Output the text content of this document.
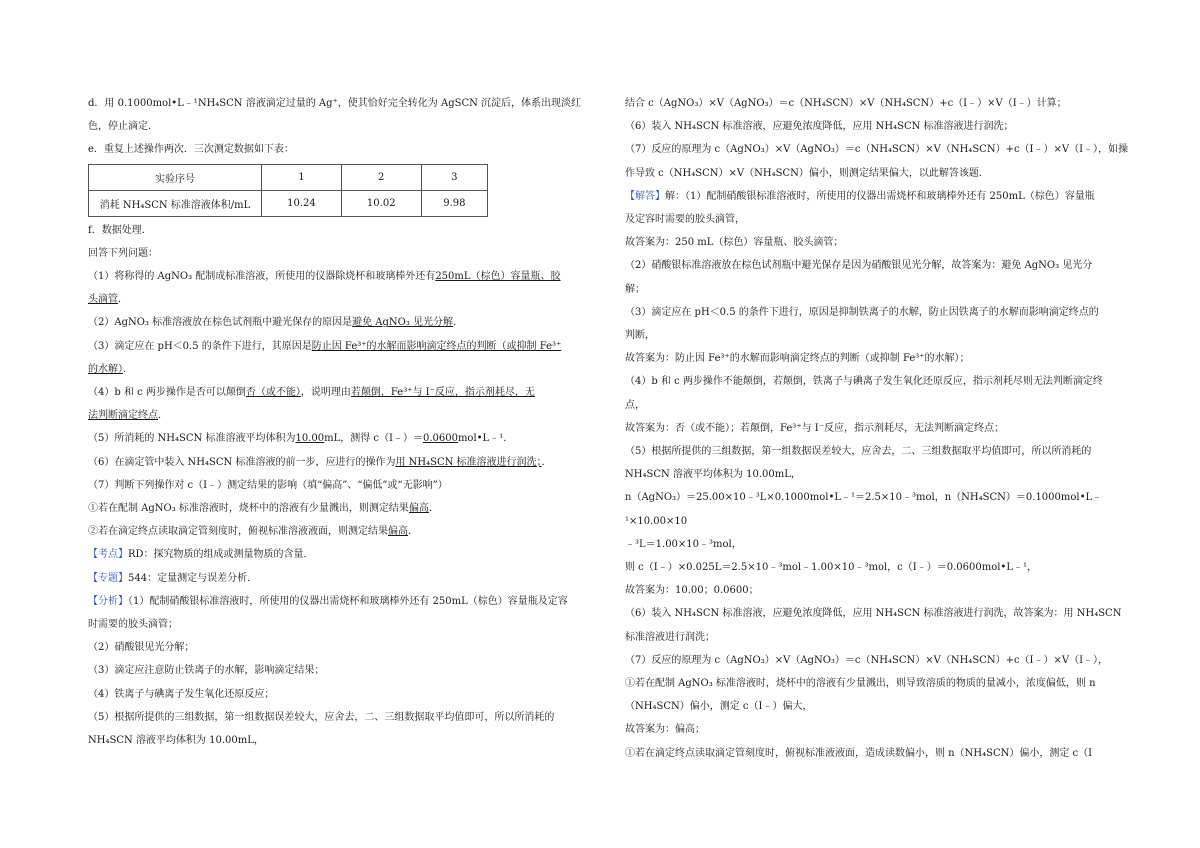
d．用 0.1000mol•L﹣¹NH₄SCN 溶液滴定过量的 Ag⁺，使其恰好完全转化为 AgSCN 沉淀后，体系出现淡红

色，停止滴定．

e．重复上述操作两次．三次测定数据如下表：

实验序号	1	2	3
消耗 NH₄SCN 标准溶液体积/mL	10.24	10.02	9.98

f．数据处理．

回答下列问题：

（1）将称得的 AgNO₃ 配制成标准溶液，所使用的仪器除烧杯和玻璃棒外还有250mL（棕色）容量瓶、胶

头滴管．

（2）AgNO₃ 标准溶液放在棕色试剂瓶中避光保存的原因是避免 AgNO₃ 见光分解．

（3）滴定应在 pH＜0.5 的条件下进行，其原因是防止因 Fe³⁺的水解而影响滴定终点的判断（或抑制 Fe³⁺

的水解）．

（4）b 和 c 两步操作是否可以颠倒否（或不能），说明理由若颠倒，Fe³⁺与 I⁻反应，指示剂耗尽，无

法判断滴定终点．

（5）所消耗的 NH₄SCN 标准溶液平均体积为10.00mL，测得 c（I﹣）＝0.0600mol•L﹣¹．

（6）在滴定管中装入 NH₄SCN 标准溶液的前一步，应进行的操作为用 NH₄SCN 标准溶液进行润洗；．

（7）判断下列操作对 c（I﹣）测定结果的影响（填“偏高”、“偏低”或“无影响”）

①若在配制 AgNO₃ 标准溶液时，烧杯中的溶液有少量溅出，则测定结果偏高．

②若在滴定终点读取滴定管刻度时，俯视标准溶液液面，则测定结果偏高．

【考点】RD：探究物质的组成或测量物质的含量．

【专题】544：定量测定与误差分析．

【分析】（1）配制硝酸银标准溶液时，所使用的仪器出需烧杯和玻璃棒外还有 250mL（棕色）容量瓶及定容

时需要的胶头滴管；

（2）硝酸银见光分解；

（3）滴定应注意防止铁离子的水解，影响滴定结果；

（4）铁离子与碘离子发生氧化还原反应；

（5）根据所提供的三组数据，第一组数据误差较大，应舍去，二、三组数据取平均值即可，所以所消耗的

NH₄SCN 溶液平均体积为 10.00mL，

结合 c（AgNO₃）×V（AgNO₃）＝c（NH₄SCN）×V（NH₄SCN）+c（I﹣）×V（I﹣）计算；

（6）装入 NH₄SCN 标准溶液，应避免浓度降低，应用 NH₄SCN 标准溶液进行润洗；

（7）反应的原理为 c（AgNO₃）×V（AgNO₃）＝c（NH₄SCN）×V（NH₄SCN）+c（I﹣）×V（I﹣），如操

作导致 c（NH₄SCN）×V（NH₄SCN）偏小，则测定结果偏大，以此解答该题．

【解答】解：（1）配制硝酸银标准溶液时，所使用的仪器出需烧杯和玻璃棒外还有 250mL（棕色）容量瓶

及定容时需要的胶头滴管，

故答案为：250 mL（棕色）容量瓶、胶头滴管；

（2）硝酸银标准溶液放在棕色试剂瓶中避光保存是因为硝酸银见光分解，故答案为：避免 AgNO₃ 见光分

解；

（3）滴定应在 pH＜0.5 的条件下进行，原因是抑制铁离子的水解，防止因铁离子的水解而影响滴定终点的

判断，

故答案为：防止因 Fe³⁺的水解而影响滴定终点的判断（或抑制 Fe³⁺的水解）；

（4）b 和 c 两步操作不能颠倒，若颠倒，铁离子与碘离子发生氧化还原反应，指示剂耗尽则无法判断滴定终

点，

故答案为：否（或不能）；若颠倒，Fe³⁺与 I⁻反应，指示剂耗尽，无法判断滴定终点；

（5）根据所提供的三组数据，第一组数据误差较大，应舍去，二、三组数据取平均值即可，所以所消耗的

NH₄SCN 溶液平均体积为 10.00mL，

n（AgNO₃）＝25.00×10﹣³L×0.1000mol•L﹣¹＝2.5×10﹣³mol，n（NH₄SCN）＝0.1000mol•L﹣¹×10.00×10

﹣³L＝1.00×10﹣³mol，

则 c（I﹣）×0.025L＝2.5×10﹣³mol﹣1.00×10﹣³mol，c（I﹣）＝0.0600mol•L﹣¹，

故答案为：10.00；0.0600；

（6）装入 NH₄SCN 标准溶液，应避免浓度降低，应用 NH₄SCN 标准溶液进行润洗，故答案为：用 NH₄SCN

标准溶液进行润洗；

（7）反应的原理为 c（AgNO₃）×V（AgNO₃）＝c（NH₄SCN）×V（NH₄SCN）+c（I﹣）×V（I﹣），

①若在配制 AgNO₃ 标准溶液时，烧杯中的溶液有少量溅出，则导致溶质的物质的量减小，浓度偏低，则 n

（NH₄SCN）偏小，测定 c（I﹣）偏大，

故答案为：偏高；

①若在滴定终点读取滴定管刻度时，俯视标准液液面，造成读数偏小，则 n（NH₄SCN）偏小，测定 c（I
